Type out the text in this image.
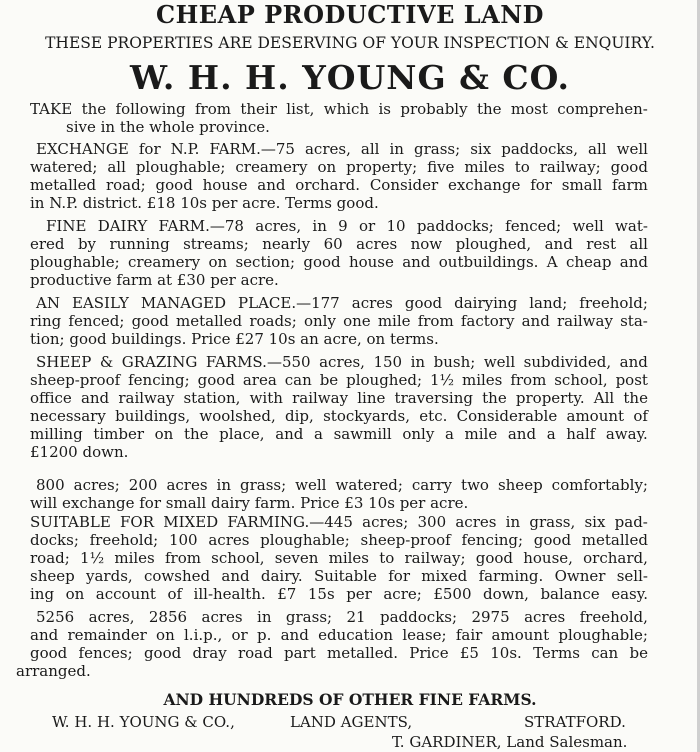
CHEAP PRODUCTIVE LAND
THESE PROPERTIES ARE DESERVING OF YOUR INSPECTION & ENQUIRY.
W. H. H. YOUNG & CO.
TAKE the following from their list, which is probably the most comprehen-
sive in the whole province.
EXCHANGE for N.P. FARM.—75 acres, all in grass; six paddocks, all well
watered; all ploughable; creamery on property; five miles to railway; good
metalled road; good house and orchard. Consider exchange for small farm
in N.P. district. £18 10s per acre. Terms good.
FINE DAIRY FARM.—78 acres, in 9 or 10 paddocks; fenced; well wat-
ered by running streams; nearly 60 acres now ploughed, and rest all
ploughable; creamery on section; good house and outbuildings. A cheap and
productive farm at £30 per acre.
AN EASILY MANAGED PLACE.—177 acres good dairying land; freehold;
ring fenced; good metalled roads; only one mile from factory and railway sta-
tion; good buildings. Price £27 10s an acre, on terms.
SHEEP & GRAZING FARMS.—550 acres, 150 in bush; well subdivided, and
sheep-proof fencing; good area can be ploughed; 1½ miles from school, post
office and railway station, with railway line traversing the property. All the
necessary buildings, woolshed, dip, stockyards, etc. Considerable amount of
milling timber on the place, and a sawmill only a mile and a half away.
£1200 down.
800 acres; 200 acres in grass; well watered; carry two sheep comfortably;
will exchange for small dairy farm. Price £3 10s per acre.
SUITABLE FOR MIXED FARMING.—445 acres; 300 acres in grass, six pad-
docks; freehold; 100 acres ploughable; sheep-proof fencing; good metalled
road; 1½ miles from school, seven miles to railway; good house, orchard,
sheep yards, cowshed and dairy. Suitable for mixed farming. Owner sell-
ing on account of ill-health. £7 15s per acre; £500 down, balance easy.
5256 acres, 2856 acres in grass; 21 paddocks; 2975 acres freehold,
and remainder on l.i.p., or p. and education lease; fair amount ploughable;
good fences; good dray road part metalled. Price £5 10s. Terms can be
arranged.
AND HUNDREDS OF OTHER FINE FARMS.
W. H. H. YOUNG & CO.,	LAND AGENTS,	STRATFORD.
T. GARDINER, Land Salesman.
